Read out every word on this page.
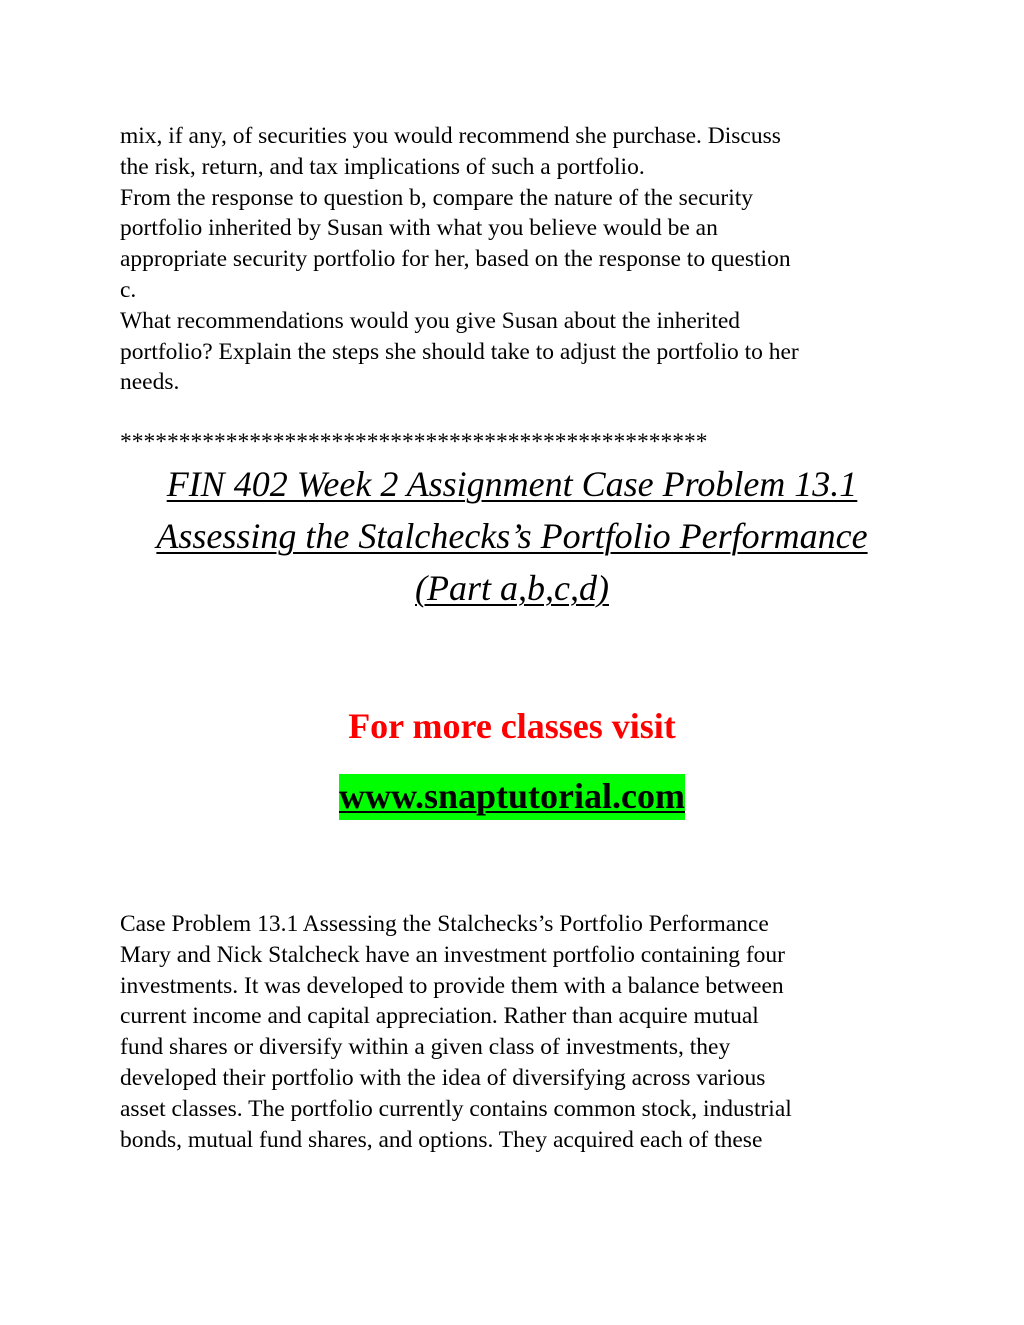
mix, if any, of securities you would recommend she purchase. Discuss
the risk, return, and tax implications of such a portfolio.
From the response to question b, compare the nature of the security
portfolio inherited by Susan with what you believe would be an
appropriate security portfolio for her, based on the response to question
c.
What recommendations would you give Susan about the inherited
portfolio? Explain the steps she should take to adjust the portfolio to her
needs.

**************************************************

FIN 402 Week 2 Assignment Case Problem 13.1
Assessing the Stalchecks’s Portfolio Performance
(Part a,b,c,d)

For more classes visit

www.snaptutorial.com

Case Problem 13.1 Assessing the Stalchecks’s Portfolio Performance
Mary and Nick Stalcheck have an investment portfolio containing four
investments. It was developed to provide them with a balance between
current income and capital appreciation. Rather than acquire mutual
fund shares or diversify within a given class of investments, they
developed their portfolio with the idea of diversifying across various
asset classes. The portfolio currently contains common stock, industrial
bonds, mutual fund shares, and options. They acquired each of these
